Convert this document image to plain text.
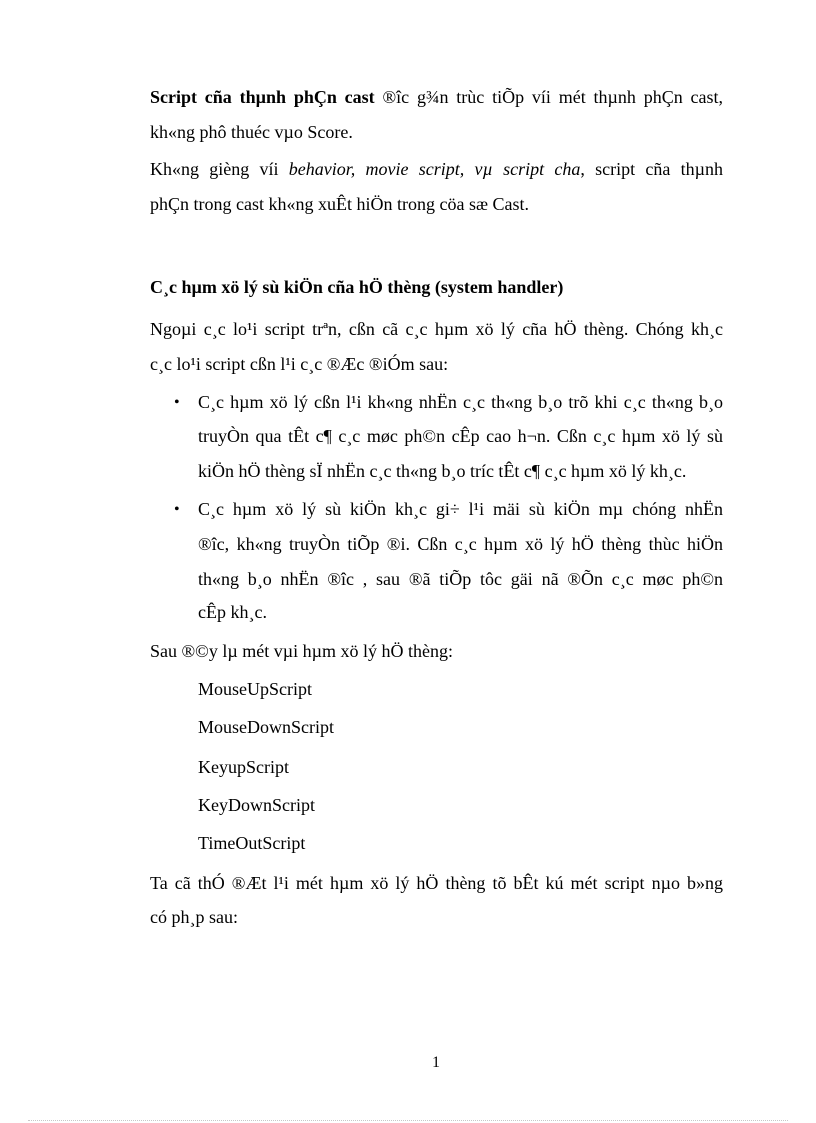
Script cña thµnh phÇn cast ®îc g¾n trùc tiÕp víi mét thµnh phÇn cast,
kh«ng phô thuéc vµo Score.
Kh«ng gièng víi behavior, movie script, vµ script cha, script cña thµnh
phÇn trong cast kh«ng xuÊt hiÖn trong cöa sæ Cast.
C¸c hµm xö lý sù kiÖn cña hÖ thèng (system handler)
Ngoµi c¸c lo¹i script trªn, cßn cã c¸c hµm xö lý cña hÖ thèng. Chóng kh¸c
c¸c lo¹i script cßn l¹i c¸c ®Æc ®iÓm sau:
• C¸c hµm xö lý cßn l¹i kh«ng nhËn c¸c th«ng b¸o trõ khi c¸c th«ng b¸o
truyÒn qua tÊt c¶ c¸c møc ph©n cÊp cao h¬n. Cßn c¸c hµm xö lý sù
kiÖn hÖ thèng sÏ nhËn c¸c th«ng b¸o tríc tÊt c¶ c¸c hµm xö lý kh¸c.
• C¸c hµm xö lý sù kiÖn kh¸c gi÷ l¹i mäi sù kiÖn mµ chóng nhËn
®îc, kh«ng truyÒn tiÕp ®i. Cßn c¸c hµm xö lý hÖ thèng thùc hiÖn
th«ng b¸o nhËn ®îc , sau ®ã tiÕp tôc gäi nã ®Õn c¸c møc ph©n
cÊp kh¸c.
Sau ®©y lµ mét vµi hµm xö lý hÖ thèng:
MouseUpScript
MouseDownScript
KeyupScript
KeyDownScript
TimeOutScript
Ta cã thÓ ®Æt l¹i mét hµm xö lý hÖ thèng tõ bÊt kú mét script nµo b»ng
có ph¸p sau:
1
